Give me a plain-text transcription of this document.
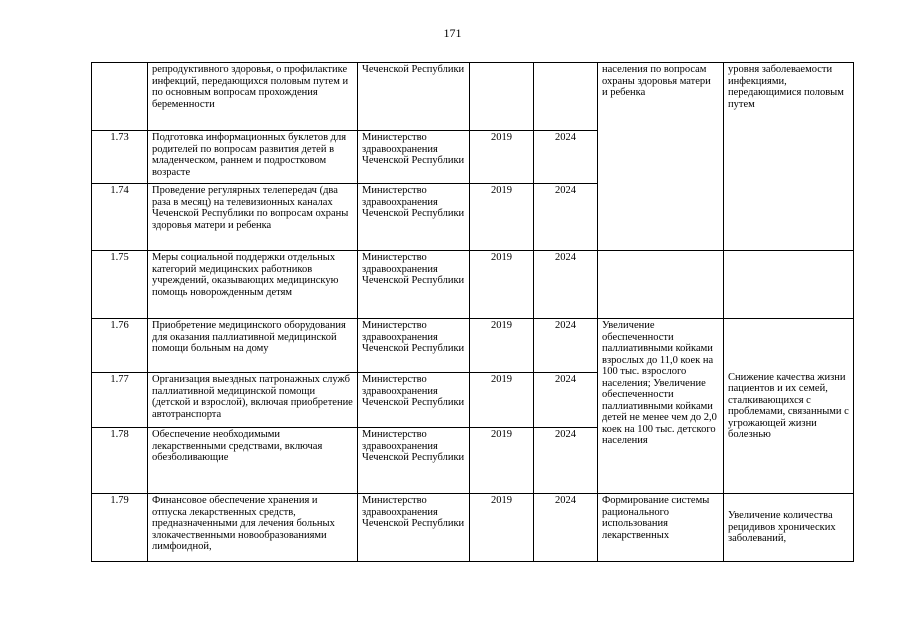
171
	репродуктивного здоровья, о профилактике инфекций, передающихся половым путем и по основным вопросам прохождения беременности	Чеченской Республики			населения по вопросам охраны здоровья матери и ребенка	уровня заболеваемости инфекциями, передающимися половым путем
1.73	Подготовка информационных буклетов для родителей по вопросам развития детей в младенческом, раннем и подростковом возрасте	Министерство здравоохранения Чеченской Республики	2019	2024		
1.74	Проведение регулярных телепередач (два раза в месяц) на телевизионных каналах Чеченской Республики по вопросам охраны здоровья матери и ребенка	Министерство здравоохранения Чеченской Республики	2019	2024		
1.75	Меры социальной поддержки отдельных категорий медицинских работников учреждений, оказывающих медицинскую помощь новорожденным детям	Министерство здравоохранения Чеченской Республики	2019	2024		
1.76	Приобретение медицинского оборудования для оказания паллиативной медицинской помощи больным на дому	Министерство здравоохранения Чеченской Республики	2019	2024	Увеличение обеспеченности паллиативными койками взрослых до 11,0 коек на 100 тыс. взрослого населения; Увеличение обеспеченности паллиативными койками детей не менее чем до 2,0 коек на 100 тыс. детского населения	Снижение качества жизни пациентов и их семей, сталкивающихся с проблемами, связанными с угрожающей жизни болезнью
1.77	Организация выездных патронажных служб паллиативной медицинской помощи (детской и взрослой), включая приобретение автотранспорта	Министерство здравоохранения Чеченской Республики	2019	2024		
1.78	Обеспечение необходимыми лекарственными средствами, включая обезболивающие	Министерство здравоохранения Чеченской Республики	2019	2024		
1.79	Финансовое обеспечение хранения и отпуска лекарственных средств, предназначенными для лечения больных злокачественными новообразованиями лимфоидной,	Министерство здравоохранения Чеченской Республики	2019	2024	Формирование системы рационального использования лекарственных	Увеличение количества рецидивов хронических заболеваний,
